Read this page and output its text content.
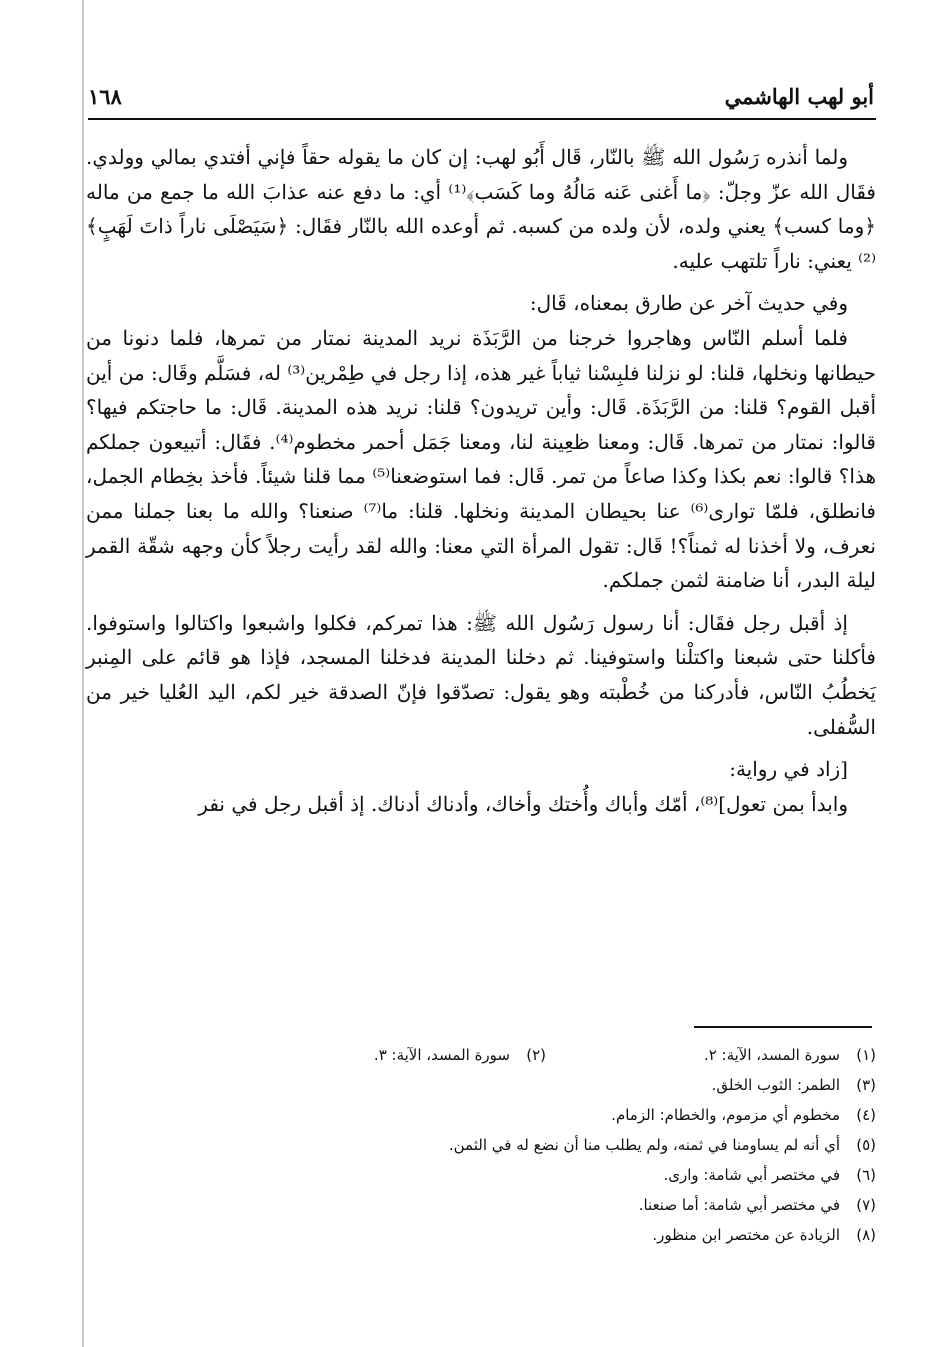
أبو لهب الهاشمي
١٦٨

ولما أنذره رَسُول الله ﷺ بالنّار، قَال أَبُو لهب: إن كان ما يقوله حقاً فإني أفتدي بمالي وولدي. فقَال الله عزّ وجلّ: ﴿ما أَغنى عَنه مَالُهُ وما كَسَب﴾⁽¹⁾ أي: ما دفع عنه عذابَ الله ما جمع من ماله ﴿وما كسب﴾ يعني ولده، لأن ولده من كسبه. ثم أوعده الله بالنّار فقَال: ﴿سَيَصْلَى ناراً ذاتَ لَهَبٍ﴾⁽²⁾ يعني: ناراً تلتهب عليه.

وفي حديث آخر عن طارق بمعناه، قَال:

فلما أسلم النّاس وهاجروا خرجنا من الرَّبَذَة نريد المدينة نمتار من تمرها، فلما دنونا من حيطانها ونخلها، قلنا: لو نزلنا فلبِسْنا ثياباً غير هذه، إذا رجل في طِمْرين⁽³⁾ له، فسَلَّم وقَال: من أين أقبل القوم؟ قلنا: من الرَّبَذَة. قَال: وأين تريدون؟ قلنا: نريد هذه المدينة. قَال: ما حاجتكم فيها؟ قالوا: نمتار من تمرها. قَال: ومعنا ظعِينة لنا، ومعنا جَمَل أحمر مخطوم⁽⁴⁾. فقَال: أتبيعون جملكم هذا؟ قالوا: نعم بكذا وكذا صاعاً من تمر. قَال: فما استوضعنا⁽⁵⁾ مما قلنا شيئاً. فأخذ بخِطام الجمل، فانطلق، فلمّا توارى⁽⁶⁾ عنا بحيطان المدينة ونخلها. قلنا: ما⁽⁷⁾ صنعنا؟ والله ما بعنا جملنا ممن نعرف، ولا أخذنا له ثمناً؟! قَال: تقول المرأة التي معنا: والله لقد رأيت رجلاً كأن وجهه شقّة القمر ليلة البدر، أنا ضامنة لثمن جملكم.

إذ أقبل رجل فقَال: أنا رسول رَسُول الله ﷺ: هذا تمركم، فكلوا واشبعوا واكتالوا واستوفوا. فأكلنا حتى شبعنا واكتلْنا واستوفينا. ثم دخلنا المدينة فدخلنا المسجد، فإذا هو قائم على المِنبر يَخطُبُ النّاس، فأدركنا من خُطْبته وهو يقول: تصدّقوا فإنّ الصدقة خير لكم، اليد العُليا خير من السُّفلى.

[زاد في رواية:

وابدأ بمن تعول]⁽⁸⁾، أمّك وأباك وأُختك وأخاك، وأدناك أدناك. إذ أقبل رجل في نفر

(١)
سورة المسد، الآية: ٢.
(٢)
سورة المسد، الآية: ٣.
(٣)
الطمر: الثوب الخلق.
(٤)
مخطوم أي مزموم، والخطام: الزمام.
(٥)
أي أنه لم يساومنا في ثمنه، ولم يطلب منا أن نضع له في الثمن.
(٦)
في مختصر أبي شامة: وارى.
(٧)
في مختصر أبي شامة: أما صنعنا.
(٨)
الزيادة عن مختصر ابن منظور.
